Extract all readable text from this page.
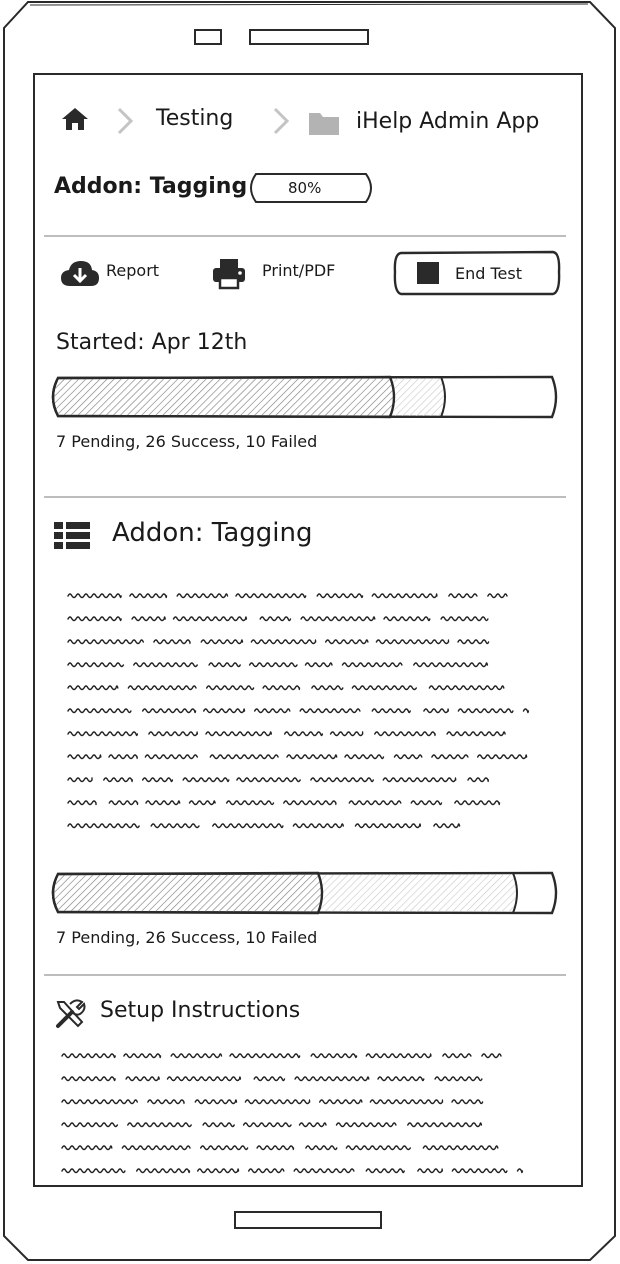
Testing	iHelp Admin App
Addon: Tagging	80%
Report	Print/PDF	End Test
Started: Apr 12th
7 Pending, 26 Success, 10 Failed
Addon: Tagging
7 Pending, 26 Success, 10 Failed
Setup Instructions
